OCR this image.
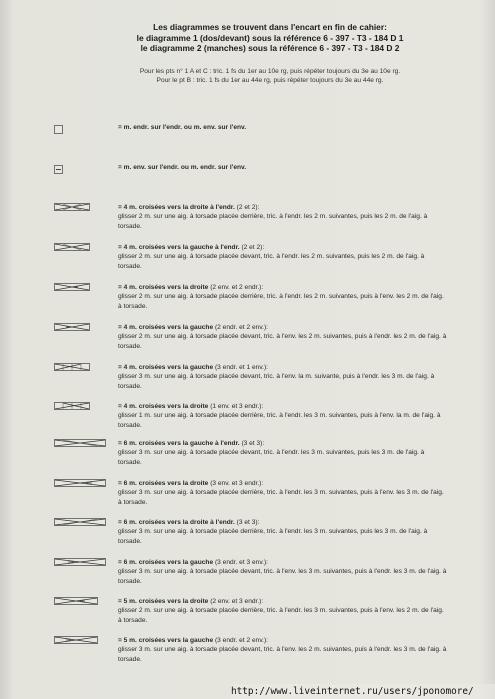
Les diagrammes se trouvent dans l'encart en fin de cahier:
le diagramme 1 (dos/devant) sous la référence 6 - 397 - T3 - 184 D 1
le diagramme 2 (manches) sous la référence 6 - 397 - T3 - 184 D 2
Pour les pts n° 1 A et C : tric. 1 fs du 1er au 10e rg, puis répéter toujours du 3e au 10e rg.
Pour le pt B : tric. 1 fs du 1er au 44e rg, puis répéter toujours du 3e au 44e rg.
= m. endr. sur l'endr. ou m. env. sur l'env.
= m. env. sur l'endr. ou m. endr. sur l'env.
= 4 m. croisées vers la droite à l'endr. (2 et 2):
glisser 2 m. sur une aig. à torsade placée derrière, tric. à l'endr. les 2 m. suivantes, puis les 2 m. de l'aig. à torsade.
= 4 m. croisées vers la gauche à l'endr. (2 et 2):
glisser 2 m. sur une aig. à torsade placée devant, tric. à l'endr. les 2 m. suivantes, puis les 2 m. de l'aig. à torsade.
= 4 m. croisées vers la droite (2 env. et 2 endr.):
glisser 2 m. sur une aig. à torsade placée derrière, tric. à l'endr. les 2 m. suivantes, puis à l'env. les 2 m. de l'aig. à torsade.
= 4 m. croisées vers la gauche (2 endr. et 2 env.):
glisser 2 m. sur une aig. à torsade placée devant, tric. à l'env. les 2 m. suivantes, puis à l'endr. les 2 m. de l'aig. à torsade.
= 4 m. croisées vers la gauche (3 endr. et 1 env.):
glisser 3 m. sur une aig. à torsade placée devant, tric. à l'env. la m. suivante, puis à l'endr. les 3 m. de l'aig. à torsade.
= 4 m. croisées vers la droite (1 env. et 3 endr.):
glisser 1 m. sur une aig. à torsade placée derrière, tric. à l'endr. les 3 m. suivantes, puis à l'env. la m. de l'aig. à torsade.
= 6 m. croisées vers la gauche à l'endr. (3 et 3):
glisser 3 m. sur une aig. à torsade placée devant, tric. à l'endr. les 3 m. suivantes, puis les 3 m. de l'aig. à torsade.
= 6 m. croisées vers la droite (3 env. et 3 endr.):
glisser 3 m. sur une aig. à torsade placée derrière, tric. à l'endr. les 3 m. suivantes, puis à l'env. les 3 m. de l'aig. à torsade.
= 6 m. croisées vers la droite à l'endr. (3 et 3):
glisser 3 m. sur une aig. à torsade placée derrière, tric. à l'endr. les 3 m. suivantes, puis les 3 m. de l'aig. à torsade.
= 6 m. croisées vers la gauche (3 endr. et 3 env.):
glisser 3 m. sur une aig. à torsade placée devant, tric. à l'env. les 3 m. suivantes, puis à l'endr. les 3 m. de l'aig. à torsade.
= 5 m. croisées vers la droite (2 env. et 3 endr.):
glisser 2 m. sur une aig. à torsade placée derrière, tric. à l'endr. les 3 m. suivantes, puis à l'env. les 2 m. de l'aig. à torsade.
= 5 m. croisées vers la gauche (3 endr. et 2 env.):
glisser 3 m. sur une aig. à torsade placée devant, tric. à l'env. les 2 m. suivantes, puis à l'endr. les 3 m. de l'aig. à torsade.
http://www.liveinternet.ru/users/jponomore/
